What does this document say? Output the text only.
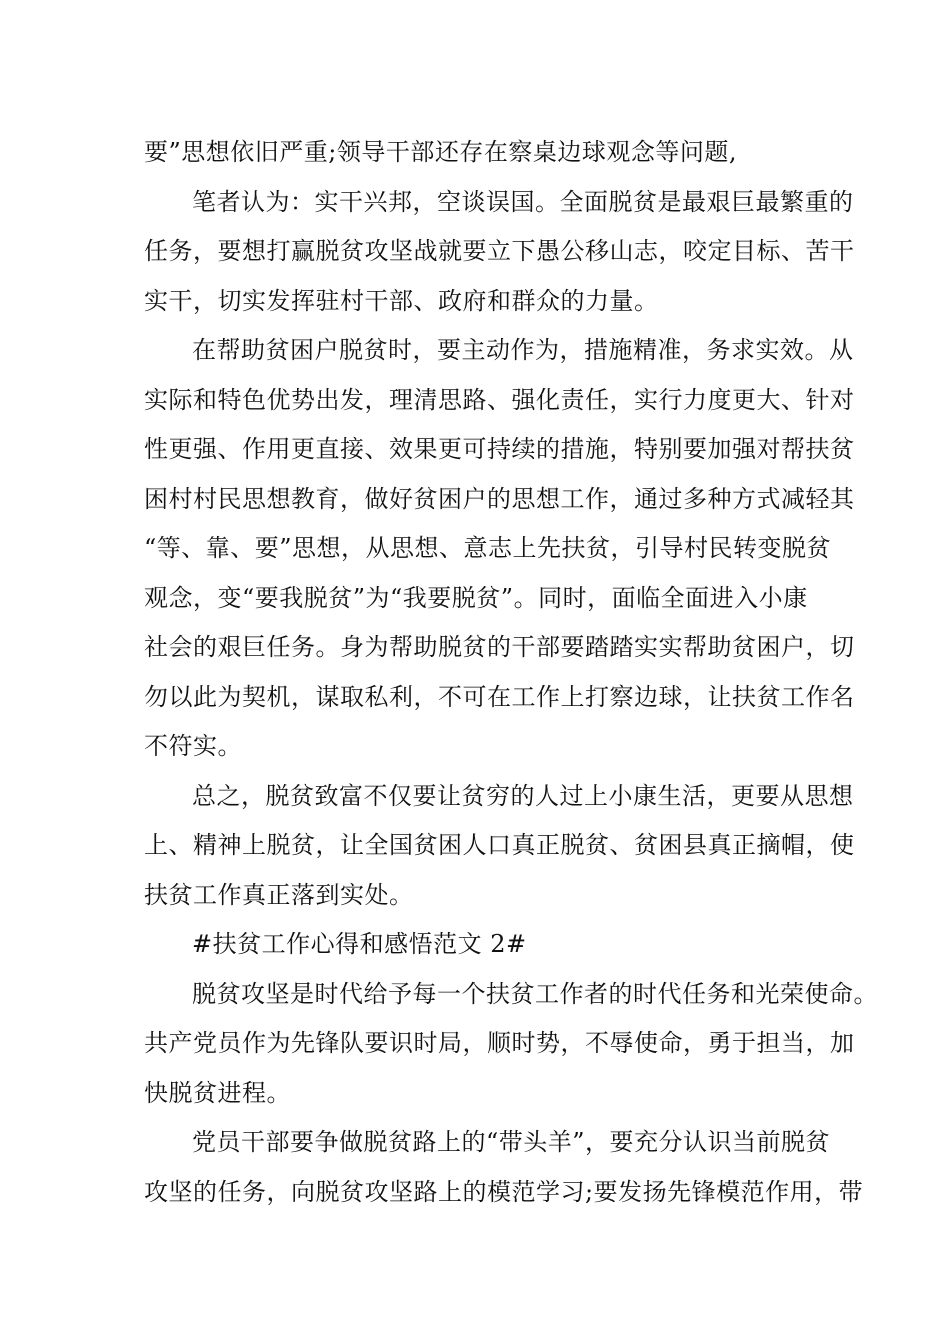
要”思想依旧严重;领导干部还存在察桌边球观念等问题,
笔者认为：实干兴邦，空谈误国。全面脱贫是最艰巨最繁重的
任务，要想打赢脱贫攻坚战就要立下愚公移山志，咬定目标、苦干
实干，切实发挥驻村干部、政府和群众的力量。
在帮助贫困户脱贫时，要主动作为，措施精准，务求实效。从
实际和特色优势出发，理清思路、强化责任，实行力度更大、针对
性更强、作用更直接、效果更可持续的措施，特别要加强对帮扶贫
困村村民思想教育，做好贫困户的思想工作，通过多种方式减轻其
“等、靠、要”思想，从思想、意志上先扶贫，引导村民转变脱贫
观念，变“要我脱贫”为“我要脱贫”。同时，面临全面进入小康
社会的艰巨任务。身为帮助脱贫的干部要踏踏实实帮助贫困户，切
勿以此为契机，谋取私利，不可在工作上打察边球，让扶贫工作名
不符实。
总之，脱贫致富不仅要让贫穷的人过上小康生活，更要从思想
上、精神上脱贫，让全国贫困人口真正脱贫、贫困县真正摘帽，使
扶贫工作真正落到实处。
#扶贫工作心得和感悟范文 2#
脱贫攻坚是时代给予每一个扶贫工作者的时代任务和光荣使命。
共产党员作为先锋队要识时局，顺时势，不辱使命，勇于担当，加
快脱贫进程。
党员干部要争做脱贫路上的“带头羊”，要充分认识当前脱贫
攻坚的任务，向脱贫攻坚路上的模范学习;要发扬先锋模范作用，带
